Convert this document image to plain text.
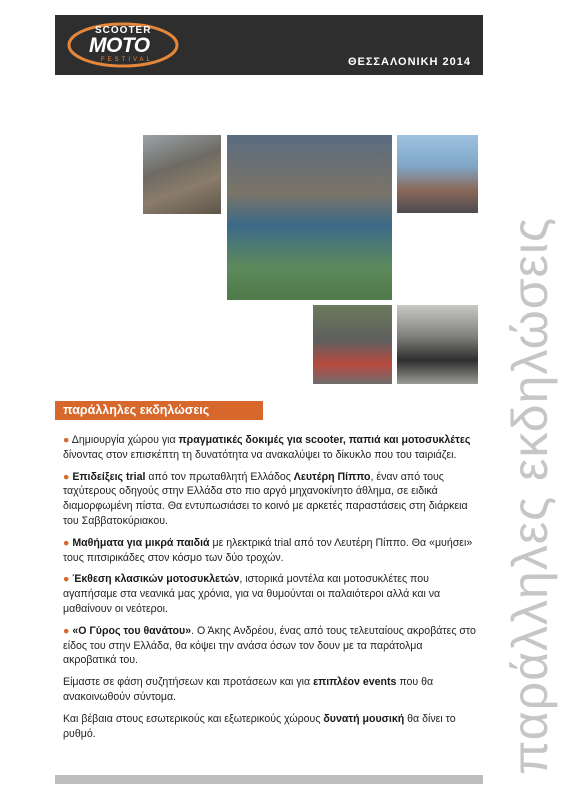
SCOOTER
MOTO
FESTIVAL	ΘΕΣΣΑΛΟΝΙΚΗ 2014
παράλληλες εκδηλώσεις
παράλληλες εκδηλώσεις

● Δημιουργία χώρου για πραγματικές δοκιμές για scooter, παπιά και μοτοσυκλέτες δίνοντας στον επισκέπτη τη δυνατότητα να ανακαλύψει το δίκυκλο που του ταιριάζει.

● Επιδείξεις trial από τον πρωταθλητή Ελλάδος Λευτέρη Πίππο, έναν από τους ταχύτερους οδηγούς στην Ελλάδα στο πιο αργό μηχανοκίνητο άθλημα, σε ειδικά διαμορφωμένη πίστα. Θα εντυπωσιάσει το κοινό με αρκετές παραστάσεις στη διάρκεια του Σαββατοκύριακου.

● Μαθήματα για μικρά παιδιά με ηλεκτρικά trial από τον Λευτέρη Πίππο. Θα «μυήσει» τους πιτσιρικάδες στον κόσμο των δύο τροχών.

● Έκθεση κλασικών μοτοσυκλετών, ιστορικά μοντέλα και μοτοσυκλέτες που αγαπήσαμε στα νεανικά μας χρόνια, για να θυμούνται οι παλαιότεροι αλλά και να μαθαίνουν οι νεότεροι.

● «Ο Γύρος του θανάτου». Ο Άκης Ανδρέου, ένας από τους τελευταίους ακροβάτες στο είδος του στην Ελλάδα, θα κόψει την ανάσα όσων τον δουν με τα παράτολμα ακροβατικά του.

Είμαστε σε φάση συζητήσεων και προτάσεων και για επιπλέον events που θα ανακοινωθούν σύντομα.

Και βέβαια στους εσωτερικούς και εξωτερικούς χώρους δυνατή μουσική θα δίνει το ρυθμό.
